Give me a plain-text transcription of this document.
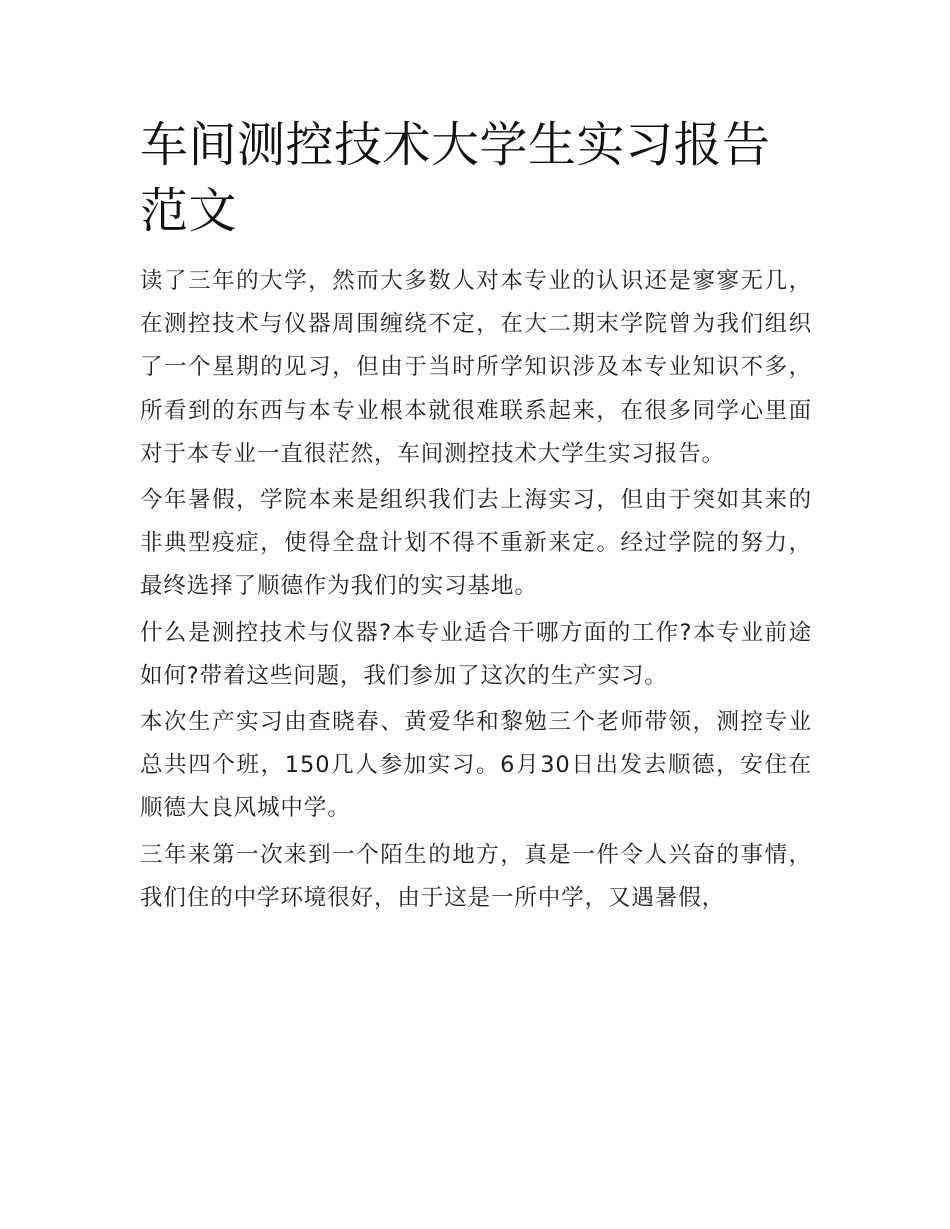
车间测控技术大学生实习报告范文

读了三年的大学，然而大多数人对本专业的认识还是寥寥无几，在测控技术与仪器周围缠绕不定，在大二期末学院曾为我们组织了一个星期的见习，但由于当时所学知识涉及本专业知识不多，所看到的东西与本专业根本就很难联系起来，在很多同学心里面对于本专业一直很茫然，车间测控技术大学生实习报告。

今年暑假，学院本来是组织我们去上海实习，但由于突如其来的非典型疫症，使得全盘计划不得不重新来定。经过学院的努力，最终选择了顺德作为我们的实习基地。

什么是测控技术与仪器?本专业适合干哪方面的工作?本专业前途如何?带着这些问题，我们参加了这次的生产实习。

本次生产实习由查晓春、黄爱华和黎勉三个老师带领，测控专业总共四个班，150几人参加实习。6月30日出发去顺德，安住在顺德大良风城中学。

三年来第一次来到一个陌生的地方，真是一件令人兴奋的事情，我们住的中学环境很好，由于这是一所中学，又遇暑假，
